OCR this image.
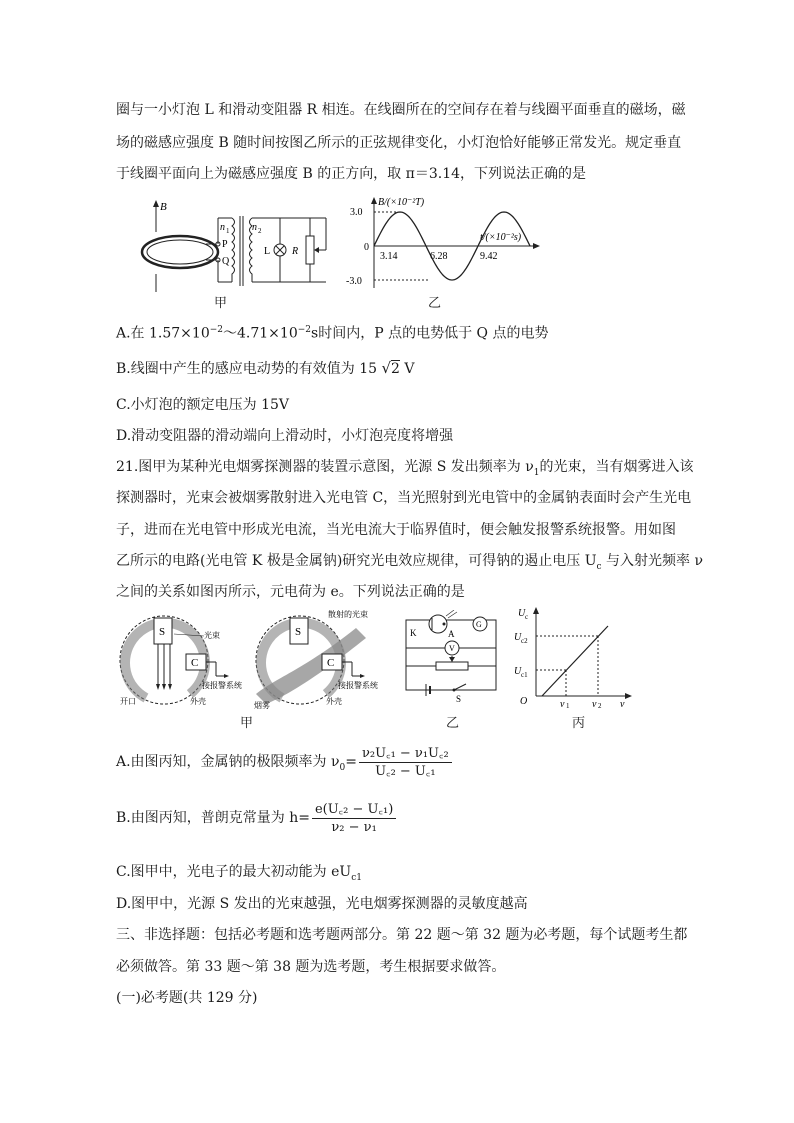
圈与一小灯泡 L 和滑动变阻器 R 相连。在线圈所在的空间存在着与线圈平面垂直的磁场，磁
场的磁感应强度 B 随时间按图乙所示的正弦规律变化，小灯泡恰好能够正常发光。规定垂直
于线圈平面向上为磁感应强度 B 的正方向，取 π＝3.14，下列说法正确的是
B
P
Q
n 1 n 2
L R
甲
B/(×10⁻²T)
t/(×10⁻²s)
3.0
0
-3.0
3.14	6.28	9.42
乙
A.在 $1.57\times 10^{-2}\sim 4.71\times 10^{-2}s$时间内，P 点的电势低于 Q 点的电势
B.线圈中产生的感应电动势的有效值为 15 √2 V
C.小灯泡的额定电压为 15V
D.滑动变阻器的滑动端向上滑动时，小灯泡亮度将增强
21.图甲为某种光电烟雾探测器的装置示意图，光源 S 发出频率为 $\nu_1$的光束，当有烟雾进入该
探测器时，光束会被烟雾散射进入光电管 C，当光照射到光电管中的金属钠表面时会产生光电
子，进而在光电管中形成光电流，当光电流大于临界值时，便会触发报警系统报警。用如图
乙所示的电路(光电管 K 极是金属钠)研究光电效应规律，可得钠的遏止电压 $U_c$ 与入射光频率 ν
之间的关系如图丙所示，元电荷为 e。下列说法正确的是
S
C
光束
接报警系统
开口	外壳
S
C
散射的光束
接报警系统
烟雾	外壳
甲
K	A
G
V
S
乙
U c
U c2
U c1
O	ν 1 ν 2 ν
丙
A.由图丙知，金属钠的极限频率为 $\nu_0= \frac{\text{ν₂U꜀₁ − ν₁U꜀₂}}{\text{U꜀₂ − U꜀₁}}$
B.由图丙知，普朗克常量为 $h= \frac{\text{e(U꜀₂ − U꜀₁)}}{\text{ν₂ − ν₁}}$
C.图甲中，光电子的最大初动能为 $eU_{c1}$
D.图甲中，光源 S 发出的光束越强，光电烟雾探测器的灵敏度越高
三、非选择题：包括必考题和选考题两部分。第 22 题～第 32 题为必考题，每个试题考生都
必须做答。第 33 题～第 38 题为选考题，考生根据要求做答。
(一)必考题(共 129 分)
